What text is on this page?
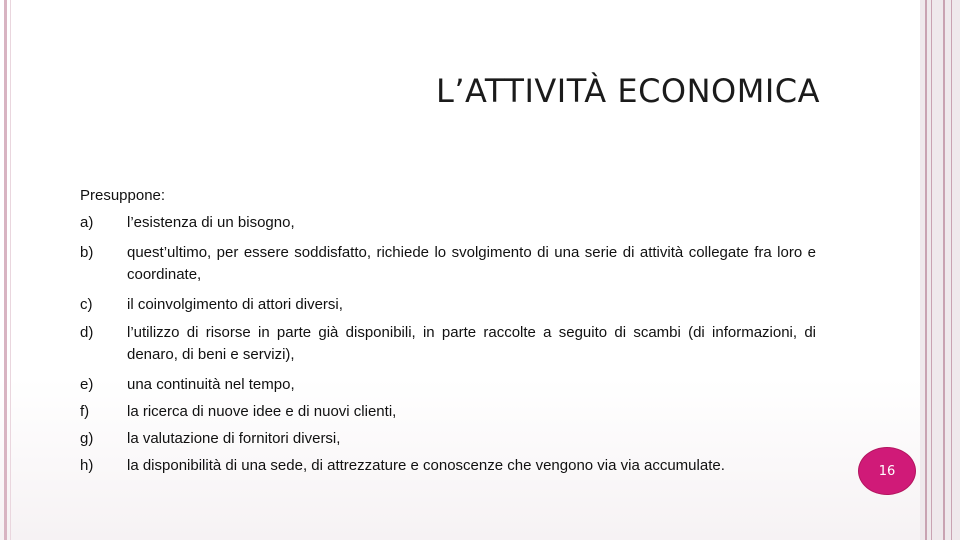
L’ATTIVITÀ ECONOMICA
Presuppone:
a)	l’esistenza di un bisogno,
b)	quest’ultimo, per essere soddisfatto, richiede lo svolgimento di una serie di attività collegate fra loro e coordinate,
c)	il coinvolgimento di attori diversi,
d)	l’utilizzo di risorse in parte già disponibili, in parte raccolte a seguito di scambi (di informazioni, di denaro, di beni e servizi),
e)	una continuità nel tempo,
f)	la ricerca di nuove idee e di nuovi clienti,
g)	la valutazione di fornitori diversi,
h)	la disponibilità di una sede, di attrezzature e conoscenze che vengono via via accumulate.	16
